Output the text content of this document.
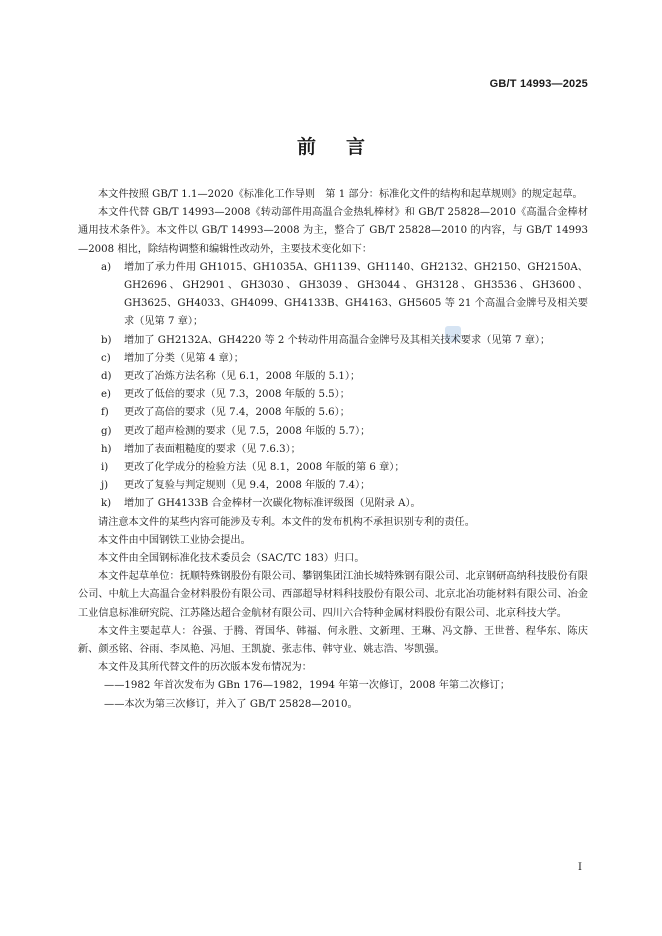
GB/T 14993—2025
前言

本文件按照 GB/T 1.1—2020《标准化工作导则　第 1 部分：标准化文件的结构和起草规则》的规定起草。

本文件代替 GB/T 14993—2008《转动部件用高温合金热轧棒材》和 GB/T 25828—2010《高温合金棒材通用技术条件》。本文件以 GB/T 14993—2008 为主，整合了 GB/T 25828—2010 的内容，与 GB/T 14993—2008 相比，除结构调整和编辑性改动外，主要技术变化如下：

a)	增加了承力件用 GH1015、GH1035A、GH1139、GH1140、GH2132、GH2150、GH2150A、GH2696、GH2901、GH3030、GH3039、GH3044、GH3128、GH3536、GH3600、GH3625、GH4033、GH4099、GH4133B、GH4163、GH5605 等 21 个高温合金牌号及相关要求（见第 7 章）；
b)	增加了 GH2132A、GH4220 等 2 个转动件用高温合金牌号及其相关技术要求（见第 7 章）；
c)	增加了分类（见第 4 章）；
d)	更改了冶炼方法名称（见 6.1，2008 年版的 5.1）；
e)	更改了低倍的要求（见 7.3，2008 年版的 5.5）；
f)	更改了高倍的要求（见 7.4，2008 年版的 5.6）；
g)	更改了超声检测的要求（见 7.5，2008 年版的 5.7）；
h)	增加了表面粗糙度的要求（见 7.6.3）；
i)	更改了化学成分的检验方法（见 8.1，2008 年版的第 6 章）；
j)	更改了复验与判定规则（见 9.4，2008 年版的 7.4）；
k)	增加了 GH4133B 合金棒材一次碳化物标准评级图（见附录 A）。

请注意本文件的某些内容可能涉及专利。本文件的发布机构不承担识别专利的责任。

本文件由中国钢铁工业协会提出。

本文件由全国钢标准化技术委员会（SAC/TC 183）归口。

本文件起草单位：抚顺特殊钢股份有限公司、攀钢集团江油长城特殊钢有限公司、北京钢研高纳科技股份有限公司、中航上大高温合金材料股份有限公司、西部超导材料科技股份有限公司、北京北冶功能材料有限公司、冶金工业信息标准研究院、江苏隆达超合金航材有限公司、四川六合特种金属材料股份有限公司、北京科技大学。

本文件主要起草人：谷强、于腾、胥国华、韩福、何永胜、文新理、王琳、冯文静、王世普、程华东、陈庆新、颜丞铭、谷雨、李凤艳、冯旭、王凯旋、张志伟、韩守业、姚志浩、岑凯强。

本文件及其所代替文件的历次版本发布情况为：

——1982 年首次发布为 GBn 176—1982，1994 年第一次修订，2008 年第二次修订；

——本次为第三次修订，并入了 GB/T 25828—2010。

I
